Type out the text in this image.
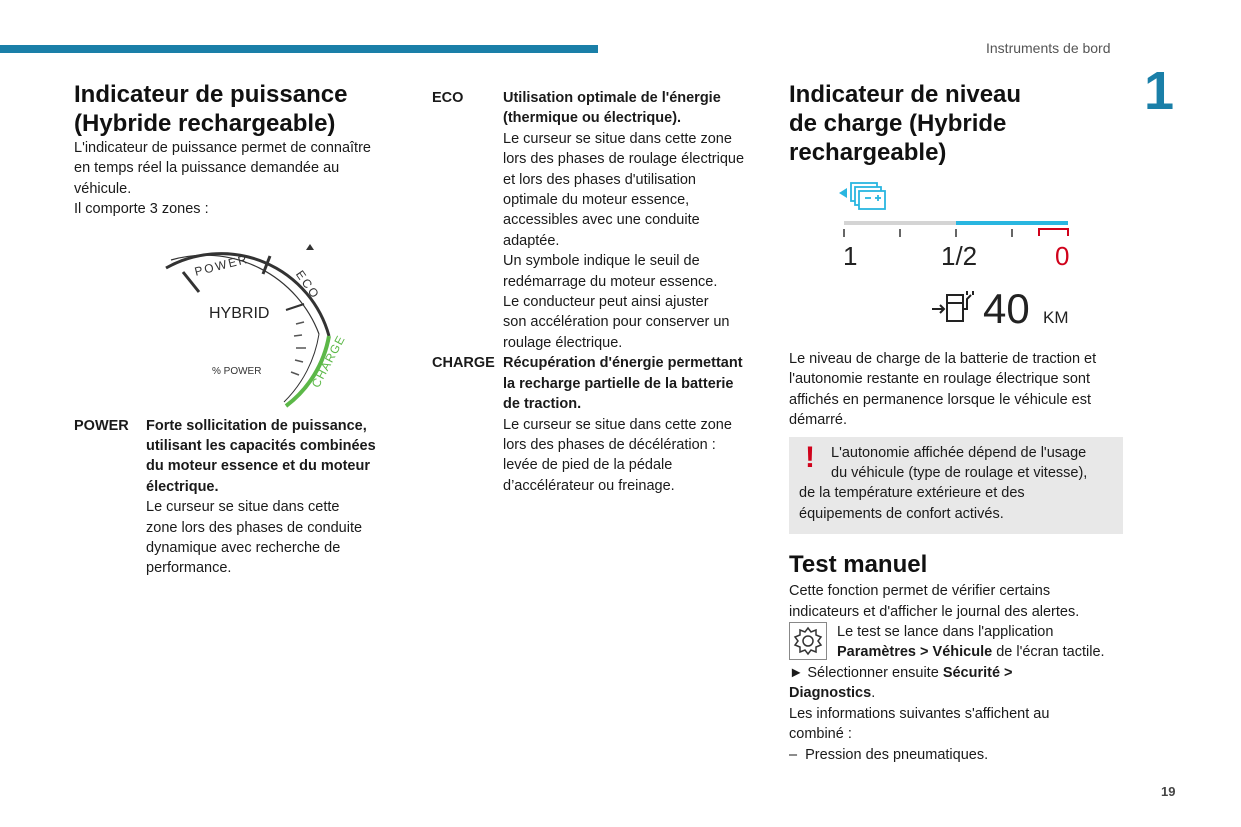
Instruments de bord
1
19
Indicateur de puissance
(Hybride rechargeable)

L'indicateur de puissance permet de connaître
en temps réel la puissance demandée au
véhicule.
Il comporte 3 zones :

POWER
ECO
HYBRID
% POWER	CHARGE
POWER	Forte sollicitation de puissance,
utilisant les capacités combinées
du moteur essence et du moteur
électrique.
Le curseur se situe dans cette
zone lors des phases de conduite
dynamique avec recherche de
performance.
ECO	Utilisation optimale de l'énergie
(thermique ou électrique).
Le curseur se situe dans cette zone
lors des phases de roulage électrique
et lors des phases d'utilisation
optimale du moteur essence,
accessibles avec une conduite
adaptée.
Un symbole indique le seuil de
redémarrage du moteur essence.
Le conducteur peut ainsi ajuster
son accélération pour conserver un
roulage électrique.
CHARGE Récupération d'énergie permettant
la recharge partielle de la batterie
de traction.
Le curseur se situe dans cette zone
lors des phases de décélération :
levée de pied de la pédale
d’accélérateur ou freinage.
Indicateur de niveau
de charge (Hybride
rechargeable)
1	1/2	0
40 KM

Le niveau de charge de la batterie de traction et
l'autonomie restante en roulage électrique sont
affichés en permanence lorsque le véhicule est
démarré.

!	L'autonomie affichée dépend de l'usage
du véhicule (type de roulage et vitesse),

de la température extérieure et des
équipements de confort activés.

Test manuel

Cette fonction permet de vérifier certains
indicateurs et d'afficher le journal des alertes.

Le test se lance dans l'application
Paramètres > Véhicule de l'écran tactile.

► Sélectionner ensuite Sécurité >
Diagnostics.

Les informations suivantes s'affichent au
combiné :

– Pression des pneumatiques.
